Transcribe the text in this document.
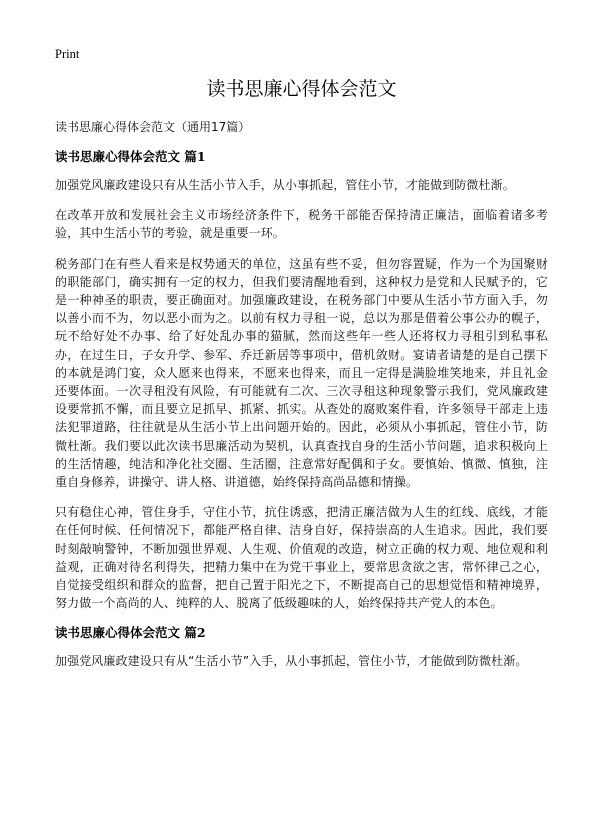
Print
读书思廉心得体会范文
读书思廉心得体会范文（通用17篇）
读书思廉心得体会范文 篇1

加强党风廉政建设只有从生活小节入手，从小事抓起，管住小节，才能做到防微杜渐。

在改革开放和发展社会主义市场经济条件下，税务干部能否保持清正廉洁，面临着诸多考验，其中生活小节的考验，就是重要一环。

税务部门在有些人看来是权势通天的单位，这虽有些不妥，但勿容置疑，作为一个为国聚财的职能部门，确实拥有一定的权力，但我们要清醒地看到，这种权力是党和人民赋予的，它是一种神圣的职责，要正确面对。加强廉政建设，在税务部门中要从生活小节方面入手，勿以善小而不为，勿以恶小而为之。以前有权力寻租一说，总以为那是借着公事公办的幌子，玩不给好处不办事、给了好处乱办事的猫腻，然而这些年一些人还将权力寻租引到私事私办，在过生日，子女升学、参军、乔迁新居等事项中，借机敛财。宴请者请楚的是自己摆下的本就是鸿门宴，众人愿来也得来，不愿来也得来，而且一定得是满脸堆笑地来，并且礼金还要体面。一次寻租没有风险，有可能就有二次、三次寻租这种现象警示我们，党风廉政建设要常抓不懈，而且要立足抓早、抓紧、抓实。从查处的腐败案件看，许多领导干部走上违法犯罪道路，往往就是从生活小节上出问题开始的。因此，必须从小事抓起，管住小节，防微杜渐。我们要以此次读书思廉活动为契机，认真查找自身的生活小节问题，追求积极向上的生活情趣，纯洁和净化社交圈、生活圈，注意常好配偶和子女。要慎始、慎微、慎独，注重自身修养，讲操守、讲人格、讲道德，始终保持高尚品德和情操。

只有稳住心神，管住身手，守住小节，抗住诱惑，把清正廉洁做为人生的红线、底线，才能在任何时候、任何情况下，都能严格自律、洁身自好，保持崇高的人生追求。因此，我们要时刻敲响警钟，不断加强世界观、人生观、价值观的改造，树立正确的权力观、地位观和利益观，正确对待名利得失，把精力集中在为党干事业上，要常思贪欲之害，常怀律己之心，自觉接受组织和群众的监督，把自己置于阳光之下，不断提高自己的思想觉悟和精神境界，努力做一个高尚的人、纯粹的人、脱离了低级趣味的人，始终保持共产党人的本色。

读书思廉心得体会范文 篇2

加强党风廉政建设只有从“生活小节”入手，从小事抓起，管住小节，才能做到防微杜渐。
